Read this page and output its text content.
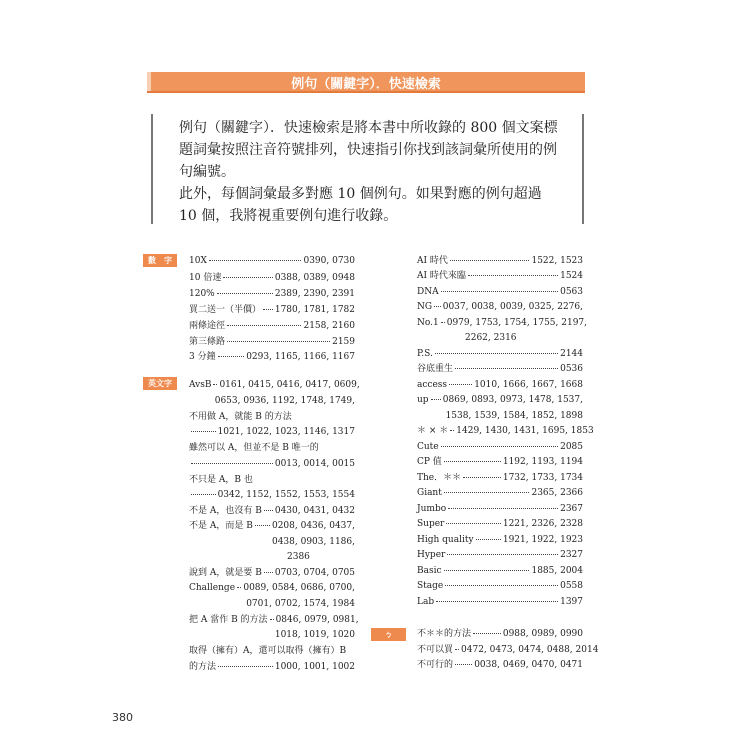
例句（關鍵字）．快速檢索

例句（關鍵字）．快速檢索是將本書中所收錄的 800 個文案標題詞彙按照注音符號排列，快速指引你找到該詞彙所使用的例句編號。

此外，每個詞彙最多對應 10 個例句。如果對應的例句超過 10 個，我將視重要例句進行收錄。

數　字
英文字
ㄅ
10X	0390, 0730
10 倍速	0388, 0389, 0948
120%	2389, 2390, 2391
買二送一（半價） 1780, 1781, 1782
兩條途徑	2158, 2160
第三條路	2159
3 分鐘	0293, 1165, 1166, 1167
AvsB 0161, 0415, 0416, 0417, 0609,
0653, 0936, 1192, 1748, 1749,
不用做 A，就能 B 的方法
1021, 1022, 1023, 1146, 1317
雖然可以 A，但並不是 B 唯一的
0013, 0014, 0015
不只是 A，B 也
0342, 1152, 1552, 1553, 1554
不是 A，也沒有 B 0430, 0431, 0432
不是 A，而是 B 0208, 0436, 0437,
0438, 0903, 1186,
2386
說到 A，就是要 B 0703, 0704, 0705
Challenge 0089, 0584, 0686, 0700,
0701, 0702, 1574, 1984
把 A 當作 B 的方法 0846, 0979, 0981,
1018, 1019, 1020
取得（擁有）A，還可以取得（擁有）B
的方法	1000, 1001, 1002
AI 時代	1522, 1523
AI 時代來臨	1524
DNA	0563
NG 0037, 0038, 0039, 0325, 2276,
No.1 0979, 1753, 1754, 1755, 2197,
2262, 2316
P.S.	2144
谷底重生	0536
access	1010, 1666, 1667, 1668
up 0869, 0893, 0973, 1478, 1537,
1538, 1539, 1584, 1852, 1898
＊ × ＊ 1429, 1430, 1431, 1695, 1853
Cute	2085
CP 值	1192, 1193, 1194
The．＊＊	1732, 1733, 1734
Giant	2365, 2366
Jumbo	2367
Super	1221, 2326, 2328
High quality	1921, 1922, 1923
Hyper	2327
Basic	1885, 2004
Stage	0558
Lab	1397
不＊＊的方法	0988, 0989, 0990
不可以買 0472, 0473, 0474, 0488, 2014
不可行的 0038, 0469, 0470, 0471
380
